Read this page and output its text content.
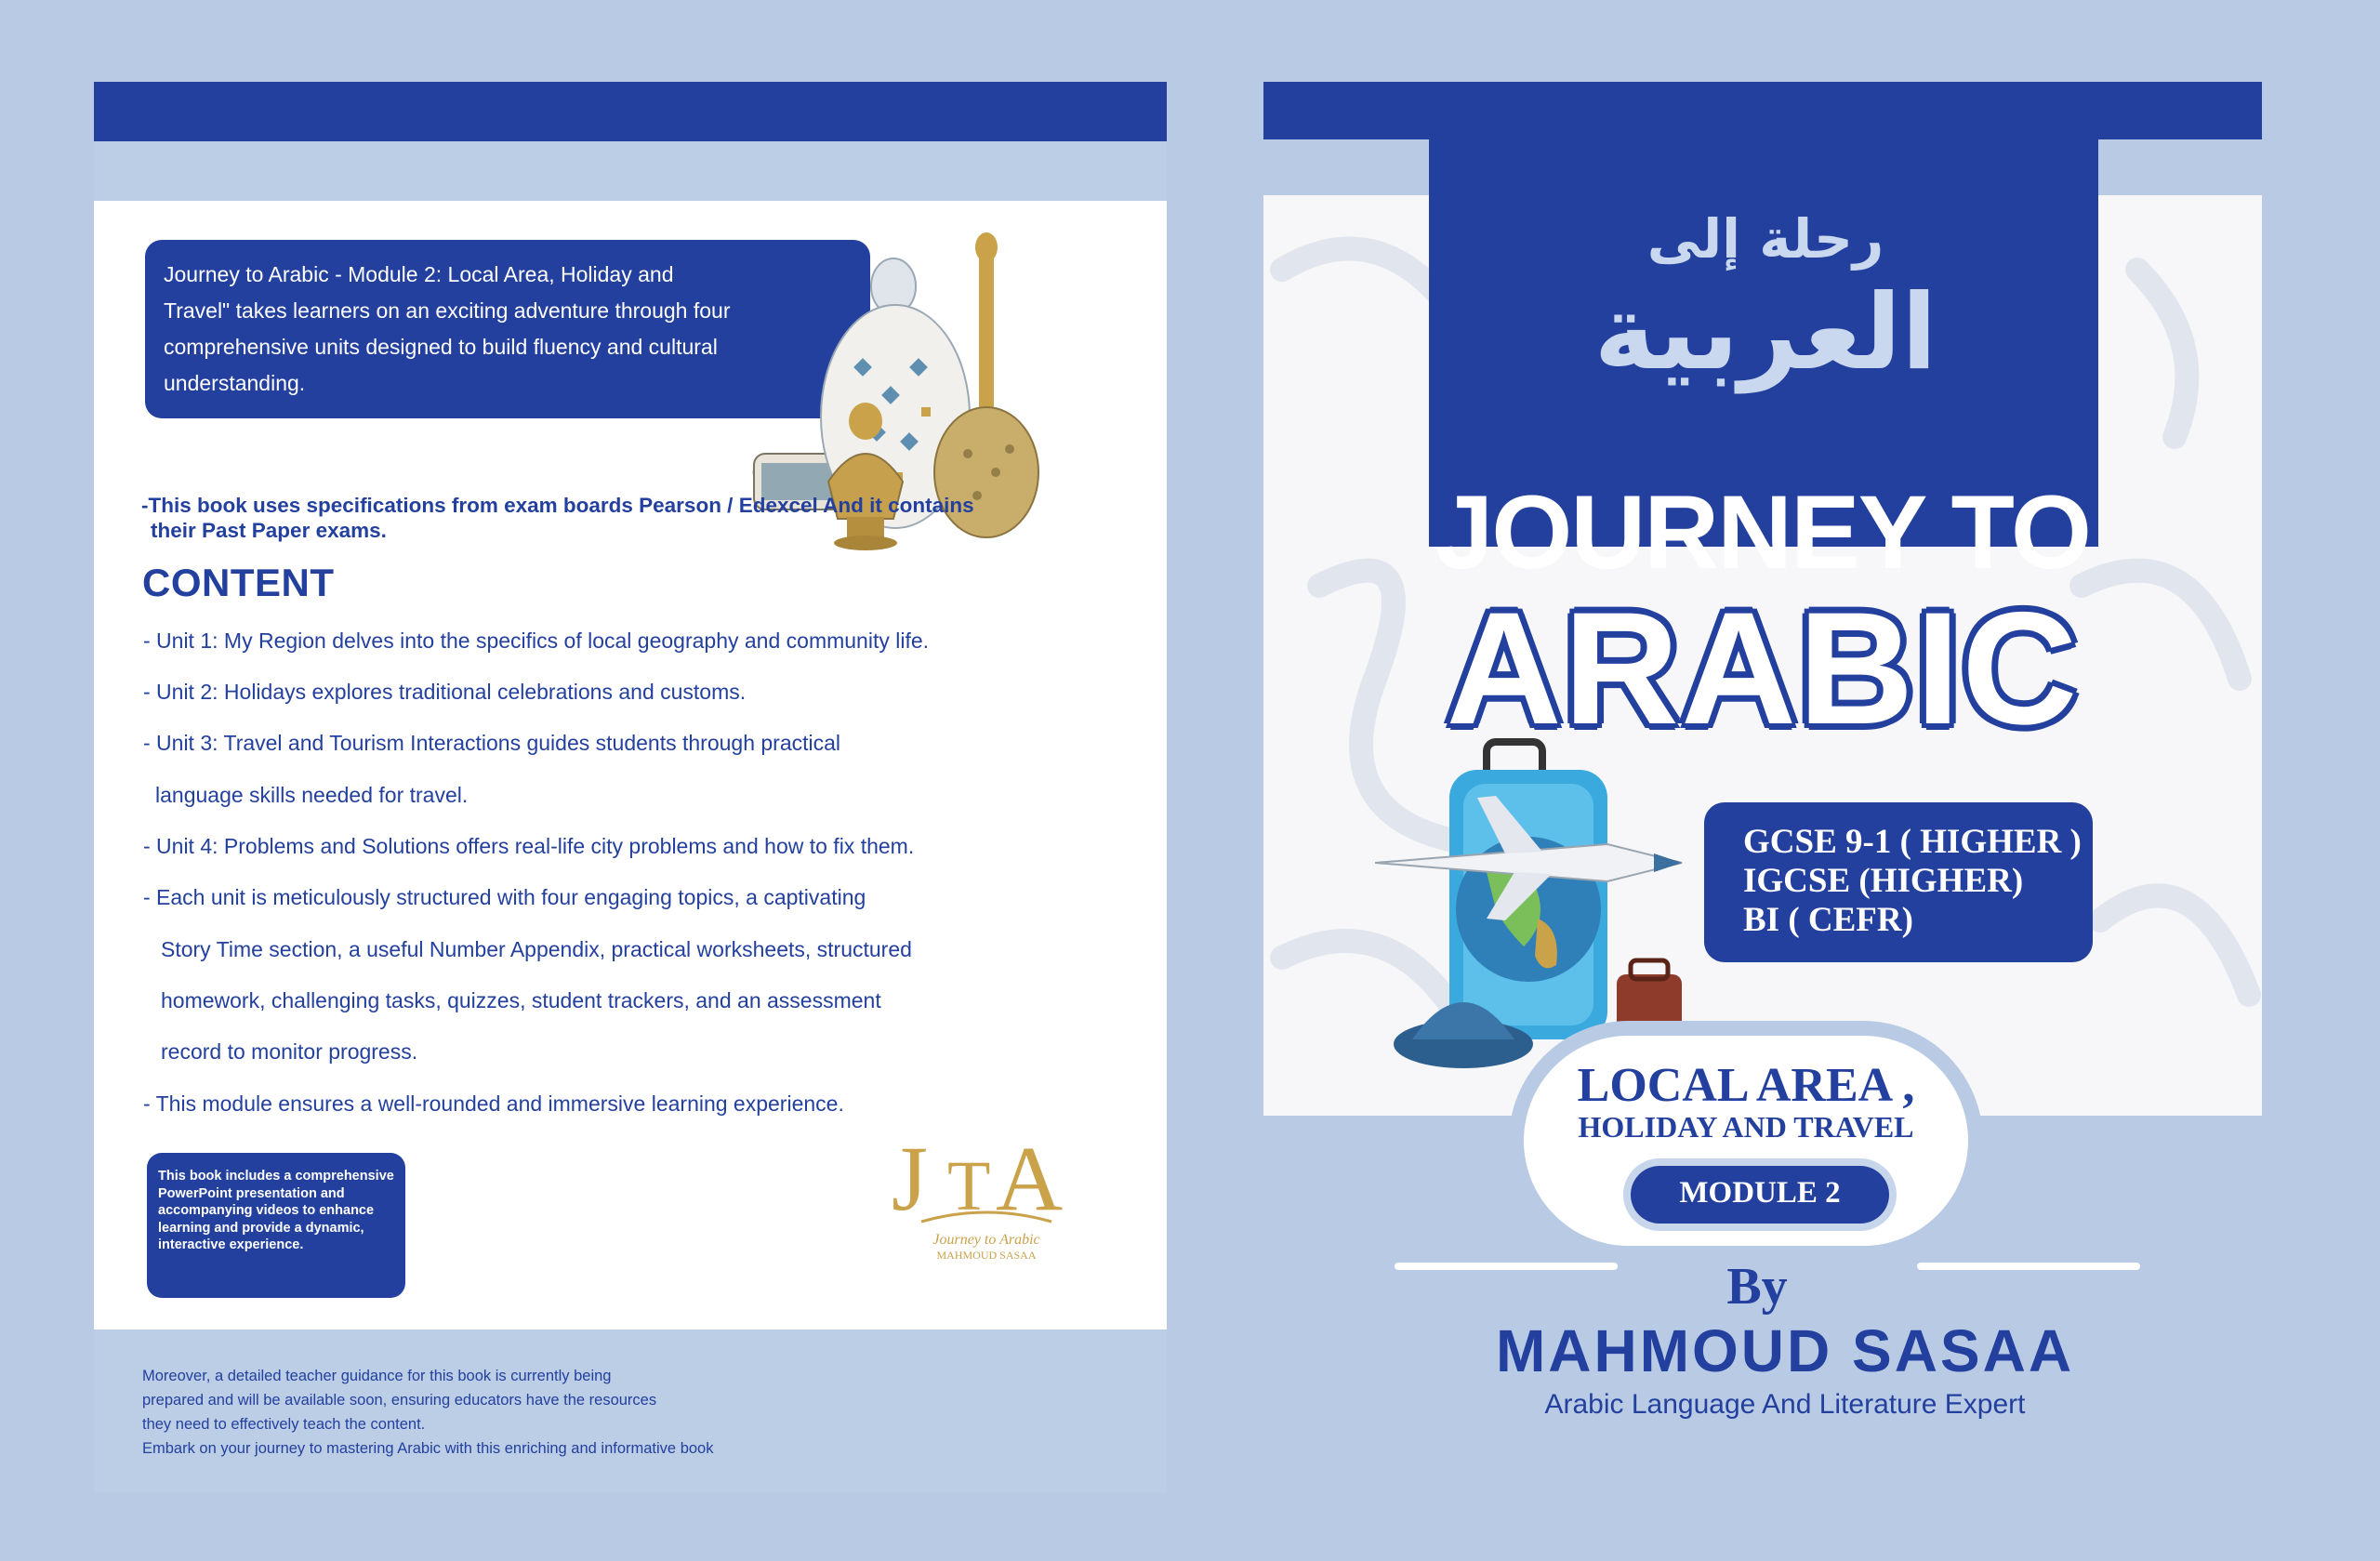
Journey to Arabic - Module 2: Local Area, Holiday and Travel" takes learners on an exciting adventure through four comprehensive units designed to build fluency and cultural understanding.

-This book uses specifications from exam boards Pearson / Edexcel And it contains
their Past Paper exams.
CONTENT
- Unit 1: My Region delves into the specifics of local geography and community life.
- Unit 2: Holidays explores traditional celebrations and customs.
- Unit 3: Travel and Tourism Interactions guides students through practical
language skills needed for travel.
- Unit 4: Problems and Solutions offers real-life city problems and how to fix them.
- Each unit is meticulously structured with four engaging topics, a captivating
Story Time section, a useful Number Appendix, practical worksheets, structured
homework, challenging tasks, quizzes, student trackers, and an assessment
record to monitor progress.
- This module ensures a well-rounded and immersive learning experience.

This book includes a comprehensive PowerPoint presentation and accompanying videos to enhance learning and provide a dynamic, interactive experience.

J T A
Journey to Arabic
MAHMOUD SASAA
Moreover, a detailed teacher guidance for this book is currently being
prepared and will be available soon, ensuring educators have the resources
they need to effectively teach the content.
Embark on your journey to mastering Arabic with this enriching and informative book
رحلة إلى
العربية
JOURNEY TO
ARABIC
GCSE 9-1 ( HIGHER )
IGCSE (HIGHER)
BI ( CEFR)
LOCAL AREA ,
HOLIDAY AND TRAVEL
MODULE 2
By
MAHMOUD SASAA
Arabic Language And Literature Expert
